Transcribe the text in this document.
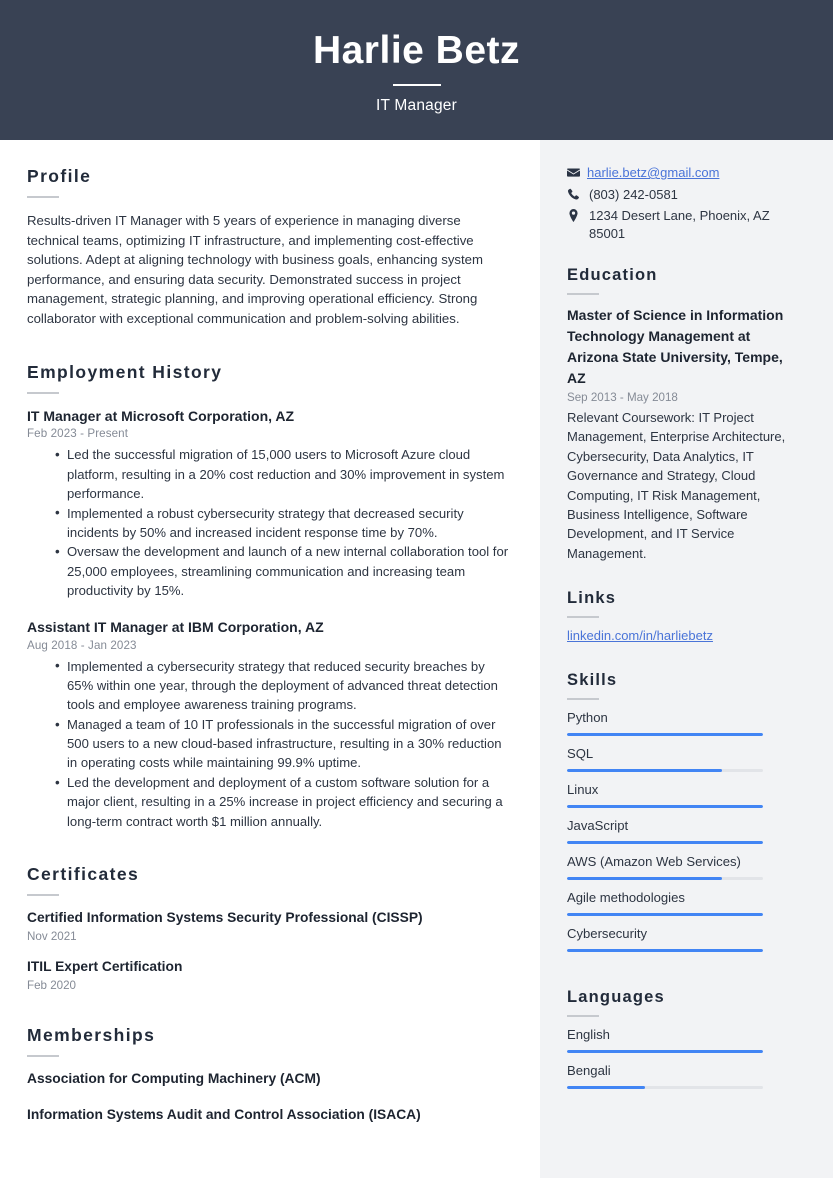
Harlie Betz
IT Manager
Profile
Results-driven IT Manager with 5 years of experience in managing diverse technical teams, optimizing IT infrastructure, and implementing cost-effective solutions. Adept at aligning technology with business goals, enhancing system performance, and ensuring data security. Demonstrated success in project management, strategic planning, and improving operational efficiency. Strong collaborator with exceptional communication and problem-solving abilities.
Employment History
IT Manager at Microsoft Corporation, AZ
Feb 2023 - Present
• Led the successful migration of 15,000 users to Microsoft Azure cloud platform, resulting in a 20% cost reduction and 30% improvement in system performance.
• Implemented a robust cybersecurity strategy that decreased security incidents by 50% and increased incident response time by 70%.
• Oversaw the development and launch of a new internal collaboration tool for 25,000 employees, streamlining communication and increasing team productivity by 15%.
Assistant IT Manager at IBM Corporation, AZ
Aug 2018 - Jan 2023
• Implemented a cybersecurity strategy that reduced security breaches by 65% within one year, through the deployment of advanced threat detection tools and employee awareness training programs.
• Managed a team of 10 IT professionals in the successful migration of over 500 users to a new cloud-based infrastructure, resulting in a 30% reduction in operating costs while maintaining 99.9% uptime.
• Led the development and deployment of a custom software solution for a major client, resulting in a 25% increase in project efficiency and securing a long-term contract worth $1 million annually.
Certificates
Certified Information Systems Security Professional (CISSP)
Nov 2021
ITIL Expert Certification
Feb 2020
Memberships
Association for Computing Machinery (ACM)
Information Systems Audit and Control Association (ISACA)
harlie.betz@gmail.com
(803) 242-0581
1234 Desert Lane, Phoenix, AZ 85001
Education
Master of Science in Information Technology Management at Arizona State University, Tempe, AZ
Sep 2013 - May 2018
Relevant Coursework: IT Project Management, Enterprise Architecture, Cybersecurity, Data Analytics, IT Governance and Strategy, Cloud Computing, IT Risk Management, Business Intelligence, Software Development, and IT Service Management.
Links
linkedin.com/in/harliebetz
Skills
Python
SQL
Linux
JavaScript
AWS (Amazon Web Services)
Agile methodologies
Cybersecurity
Languages
English
Bengali
